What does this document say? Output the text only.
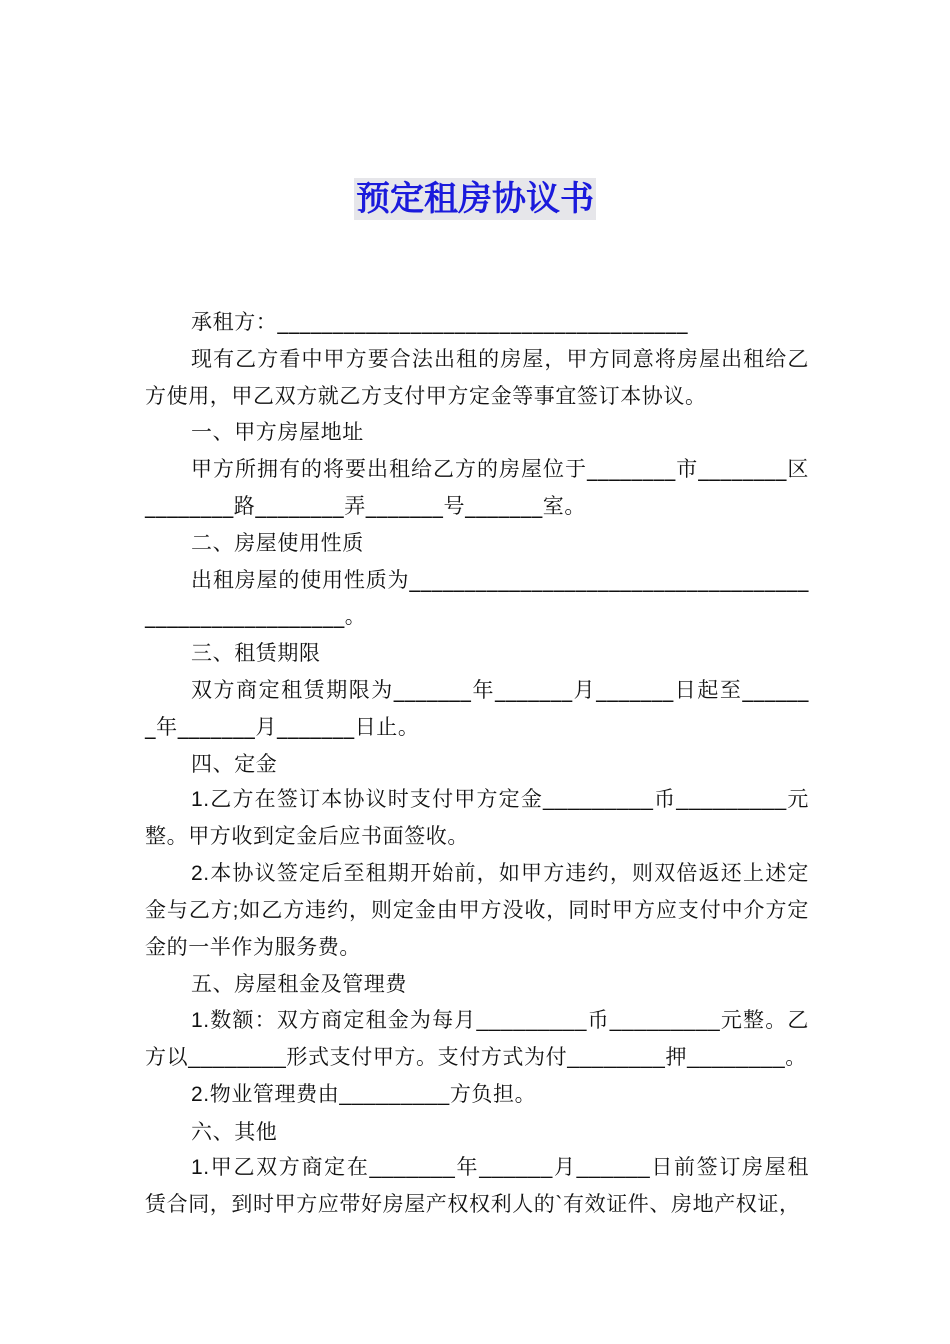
预定租房协议书

承租方：_____________________________________

现有乙方看中甲方要合法出租的房屋，甲方同意将房屋出租给乙方使用，甲乙双方就乙方支付甲方定金等事宜签订本协议。

一、甲方房屋地址

甲方所拥有的将要出租给乙方的房屋位于________市________区________路________弄_______号_______室。

二、房屋使用性质

出租房屋的使用性质为____________________________________ __________________。

三、租赁期限

双方商定租赁期限为_______年_______月_______日起至______ _年_______月_______日止。

四、定金

1.乙方在签订本协议时支付甲方定金_________币_________元整。甲方收到定金后应书面签收。

2.本协议签定后至租期开始前，如甲方违约，则双倍返还上述定金与乙方;如乙方违约，则定金由甲方没收，同时甲方应支付中介方定金的一半作为服务费。

五、房屋租金及管理费

1.数额：双方商定租金为每月_________币_________元整。乙方以________形式支付甲方。支付方式为付________押________。

2.物业管理费由_________方负担。

六、其他

1.甲乙双方商定在_______年______月______日前签订房屋租赁合同，到时甲方应带好房屋产权权利人的`有效证件、房地产权证，
